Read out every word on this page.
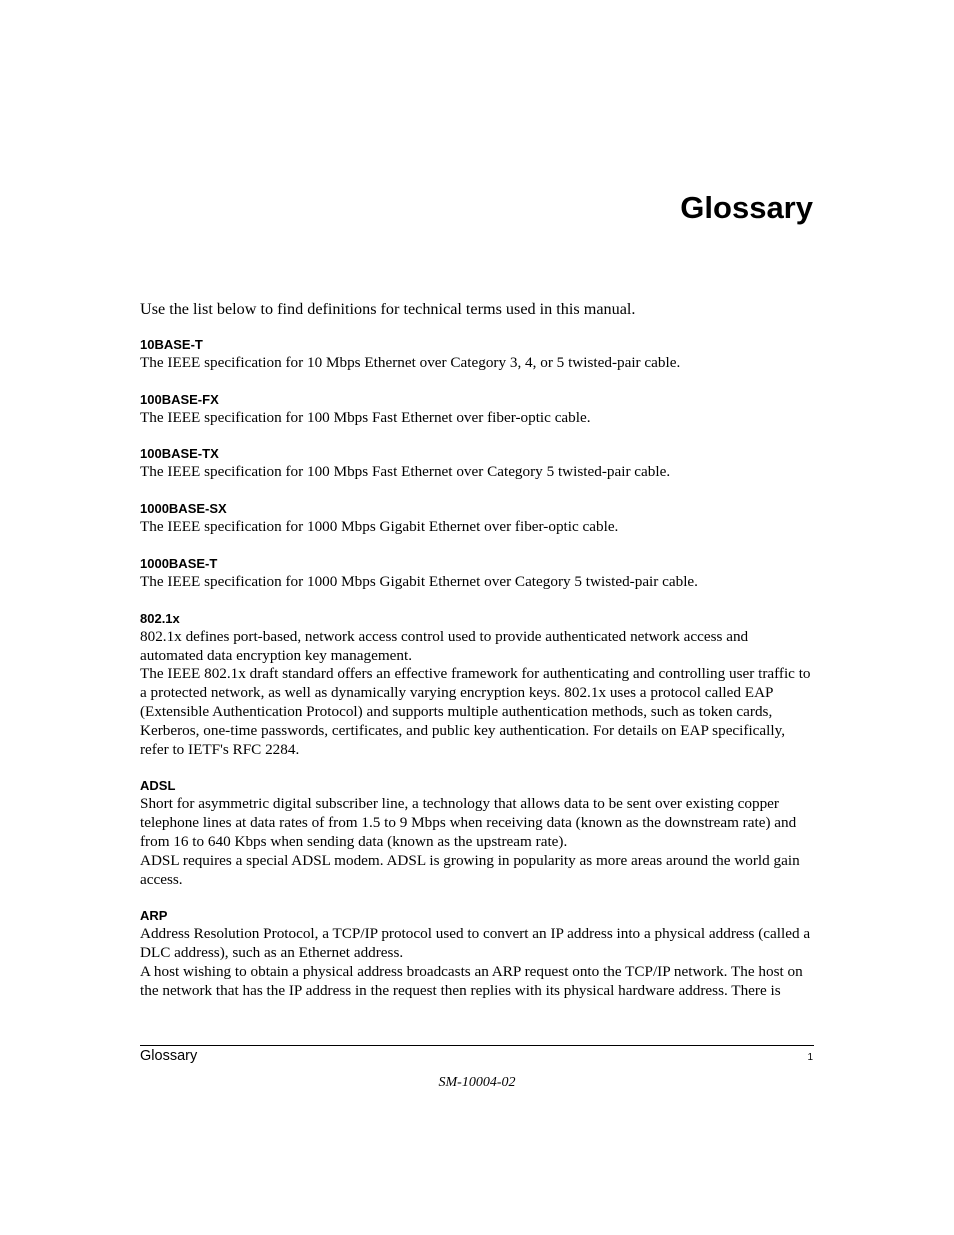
Glossary

Use the list below to find definitions for technical terms used in this manual.

10BASE-T

The IEEE specification for 10 Mbps Ethernet over Category 3, 4, or 5 twisted-pair cable.

100BASE-FX

The IEEE specification for 100 Mbps Fast Ethernet over fiber-optic cable.

100BASE-TX

The IEEE specification for 100 Mbps Fast Ethernet over Category 5 twisted-pair cable.

1000BASE-SX

The IEEE specification for 1000 Mbps Gigabit Ethernet over fiber-optic cable.

1000BASE-T

The IEEE specification for 1000 Mbps Gigabit Ethernet over Category 5 twisted-pair cable.

802.1x

802.1x defines port-based, network access control used to provide authenticated network access and automated data encryption key management.

The IEEE 802.1x draft standard offers an effective framework for authenticating and controlling user traffic to a protected network, as well as dynamically varying encryption keys. 802.1x uses a protocol called EAP (Extensible Authentication Protocol) and supports multiple authentication methods, such as token cards, Kerberos, one-time passwords, certificates, and public key authentication. For details on EAP specifically, refer to IETF's RFC 2284.

ADSL

Short for asymmetric digital subscriber line, a technology that allows data to be sent over existing copper telephone lines at data rates of from 1.5 to 9 Mbps when receiving data (known as the downstream rate) and from 16 to 640 Kbps when sending data (known as the upstream rate).

ADSL requires a special ADSL modem. ADSL is growing in popularity as more areas around the world gain access.

ARP

Address Resolution Protocol, a TCP/IP protocol used to convert an IP address into a physical address (called a DLC address), such as an Ethernet address.

A host wishing to obtain a physical address broadcasts an ARP request onto the TCP/IP network. The host on the network that has the IP address in the request then replies with its physical hardware address. There is

Glossary	1
SM-10004-02
